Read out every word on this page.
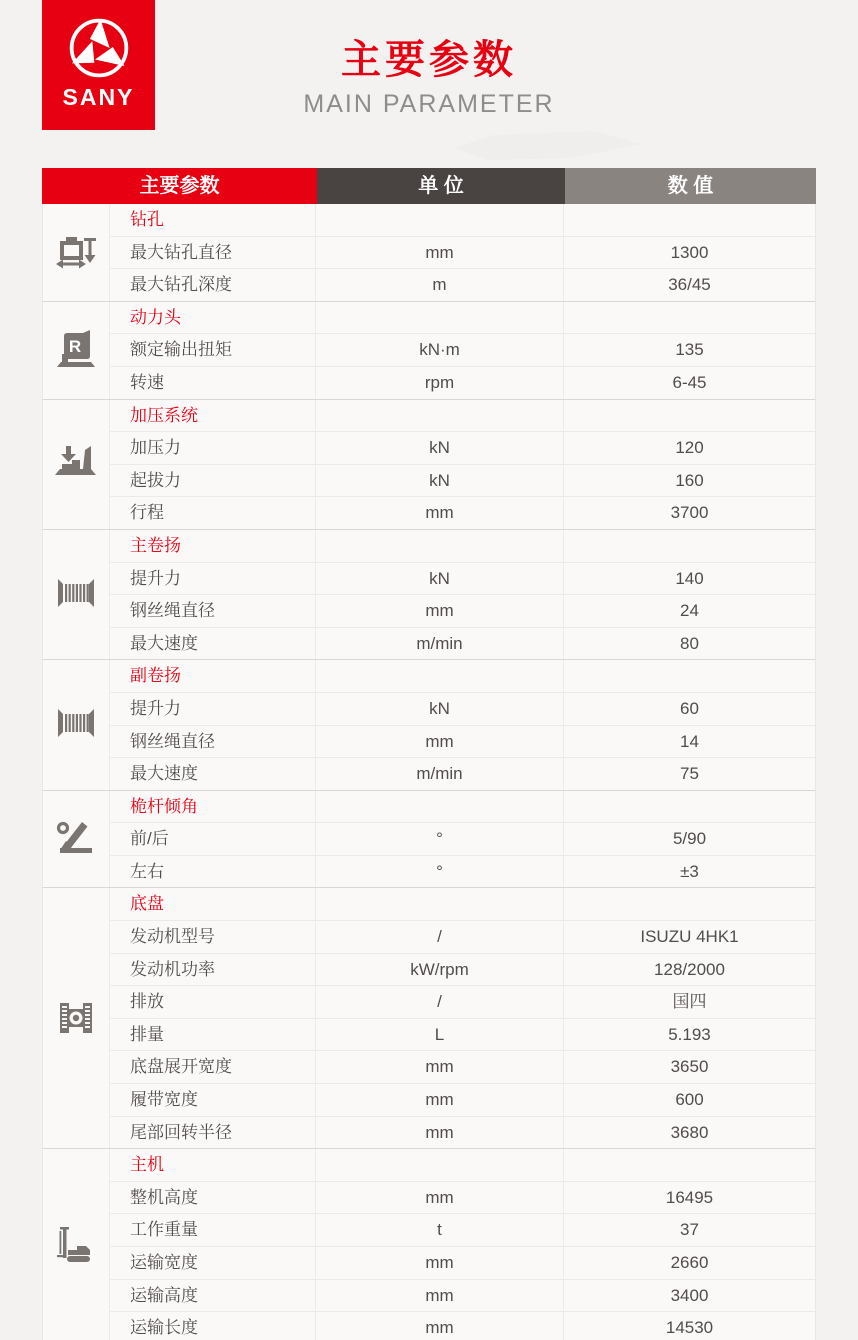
SANY
主要参数
MAIN PARAMETER
主要参数	单 位	数 值
钻孔
最大钻孔直径	mm	1300
最大钻孔深度	m	36/45
R
动力头
额定输出扭矩	kN·m	135
转速	rpm	6-45
加压系统
加压力	kN	120
起拔力	kN	160
行程	mm	3700
主卷扬
提升力	kN	140
钢丝绳直径	mm	24
最大速度	m/min	80
副卷扬
提升力	kN	60
钢丝绳直径	mm	14
最大速度	m/min	75
桅杆倾角
前/后	°	5/90
左右	°	±3
底盘
发动机型号	/	ISUZU 4HK1
发动机功率	kW/rpm	128/2000
排放	/	国四
排量	L	5.193
底盘展开宽度	mm	3650
履带宽度	mm	600
尾部回转半径	mm	3680
主机
整机高度	mm	16495
工作重量	t	37
运输宽度	mm	2660
运输高度	mm	3400
运输长度	mm	14530
